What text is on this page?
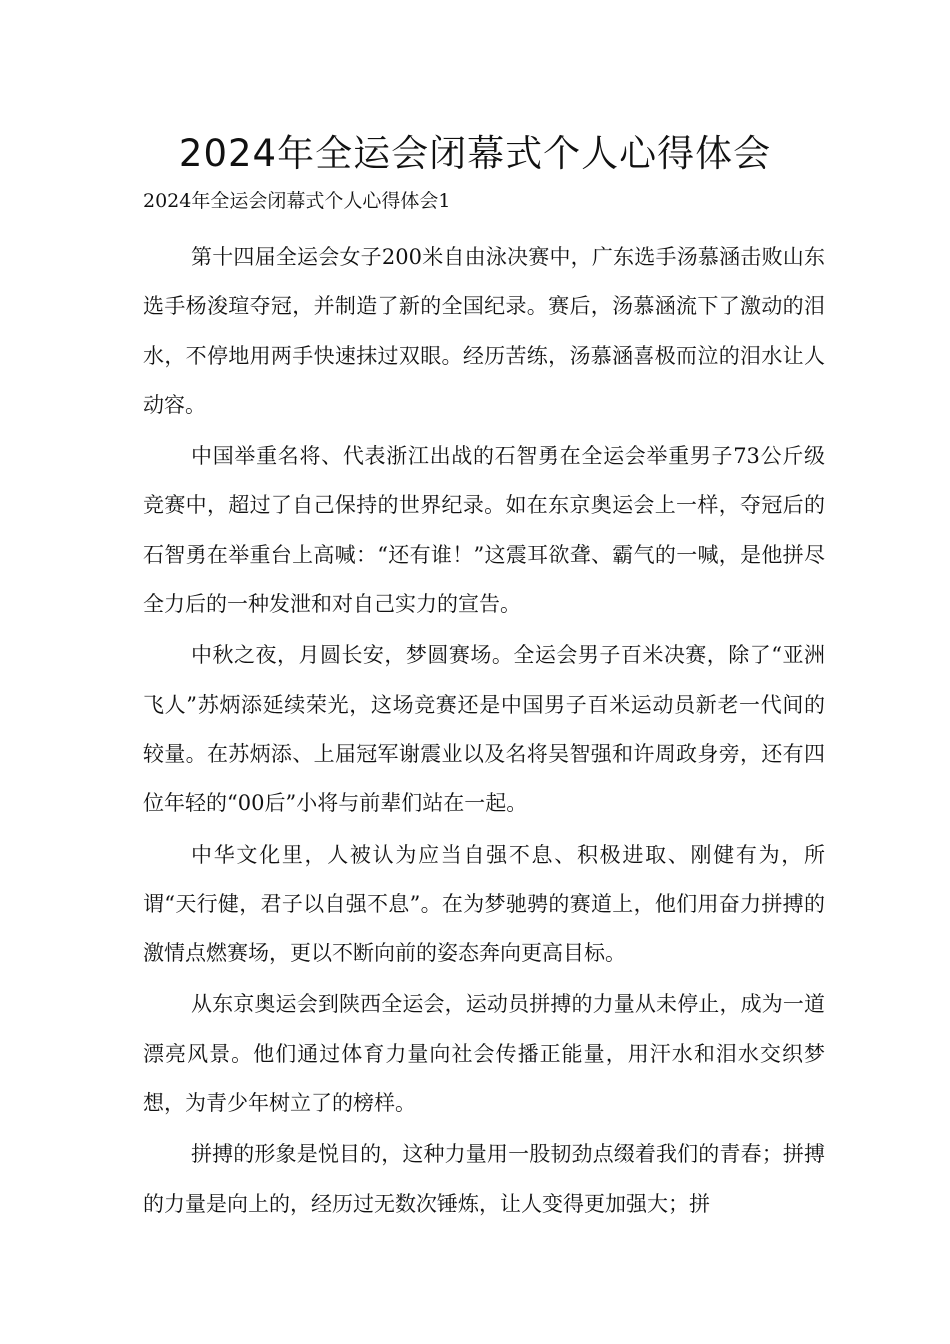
2024年全运会闭幕式个人心得体会

2024年全运会闭幕式个人心得体会1

第十四届全运会女子200米自由泳决赛中，广东选手汤慕涵击败山东选手杨浚瑄夺冠，并制造了新的全国纪录。赛后，汤慕涵流下了激动的泪水，不停地用两手快速抹过双眼。经历苦练，汤慕涵喜极而泣的泪水让人动容。

中国举重名将、代表浙江出战的石智勇在全运会举重男子73公斤级竞赛中，超过了自己保持的世界纪录。如在东京奥运会上一样，夺冠后的石智勇在举重台上高喊：“还有谁！”这震耳欲聋、霸气的一喊，是他拼尽全力后的一种发泄和对自己实力的宣告。

中秋之夜，月圆长安，梦圆赛场。全运会男子百米决赛，除了“亚洲飞人”苏炳添延续荣光，这场竞赛还是中国男子百米运动员新老一代间的较量。在苏炳添、上届冠军谢震业以及名将吴智强和许周政身旁，还有四位年轻的“00后”小将与前辈们站在一起。

中华文化里，人被认为应当自强不息、积极进取、刚健有为，所谓“天行健，君子以自强不息”。在为梦驰骋的赛道上，他们用奋力拼搏的激情点燃赛场，更以不断向前的姿态奔向更高目标。

从东京奥运会到陕西全运会，运动员拼搏的力量从未停止，成为一道漂亮风景。他们通过体育力量向社会传播正能量，用汗水和泪水交织梦想，为青少年树立了的榜样。

拼搏的形象是悦目的，这种力量用一股韧劲点缀着我们的青春；拼搏的力量是向上的，经历过无数次锤炼，让人变得更加强大；拼
